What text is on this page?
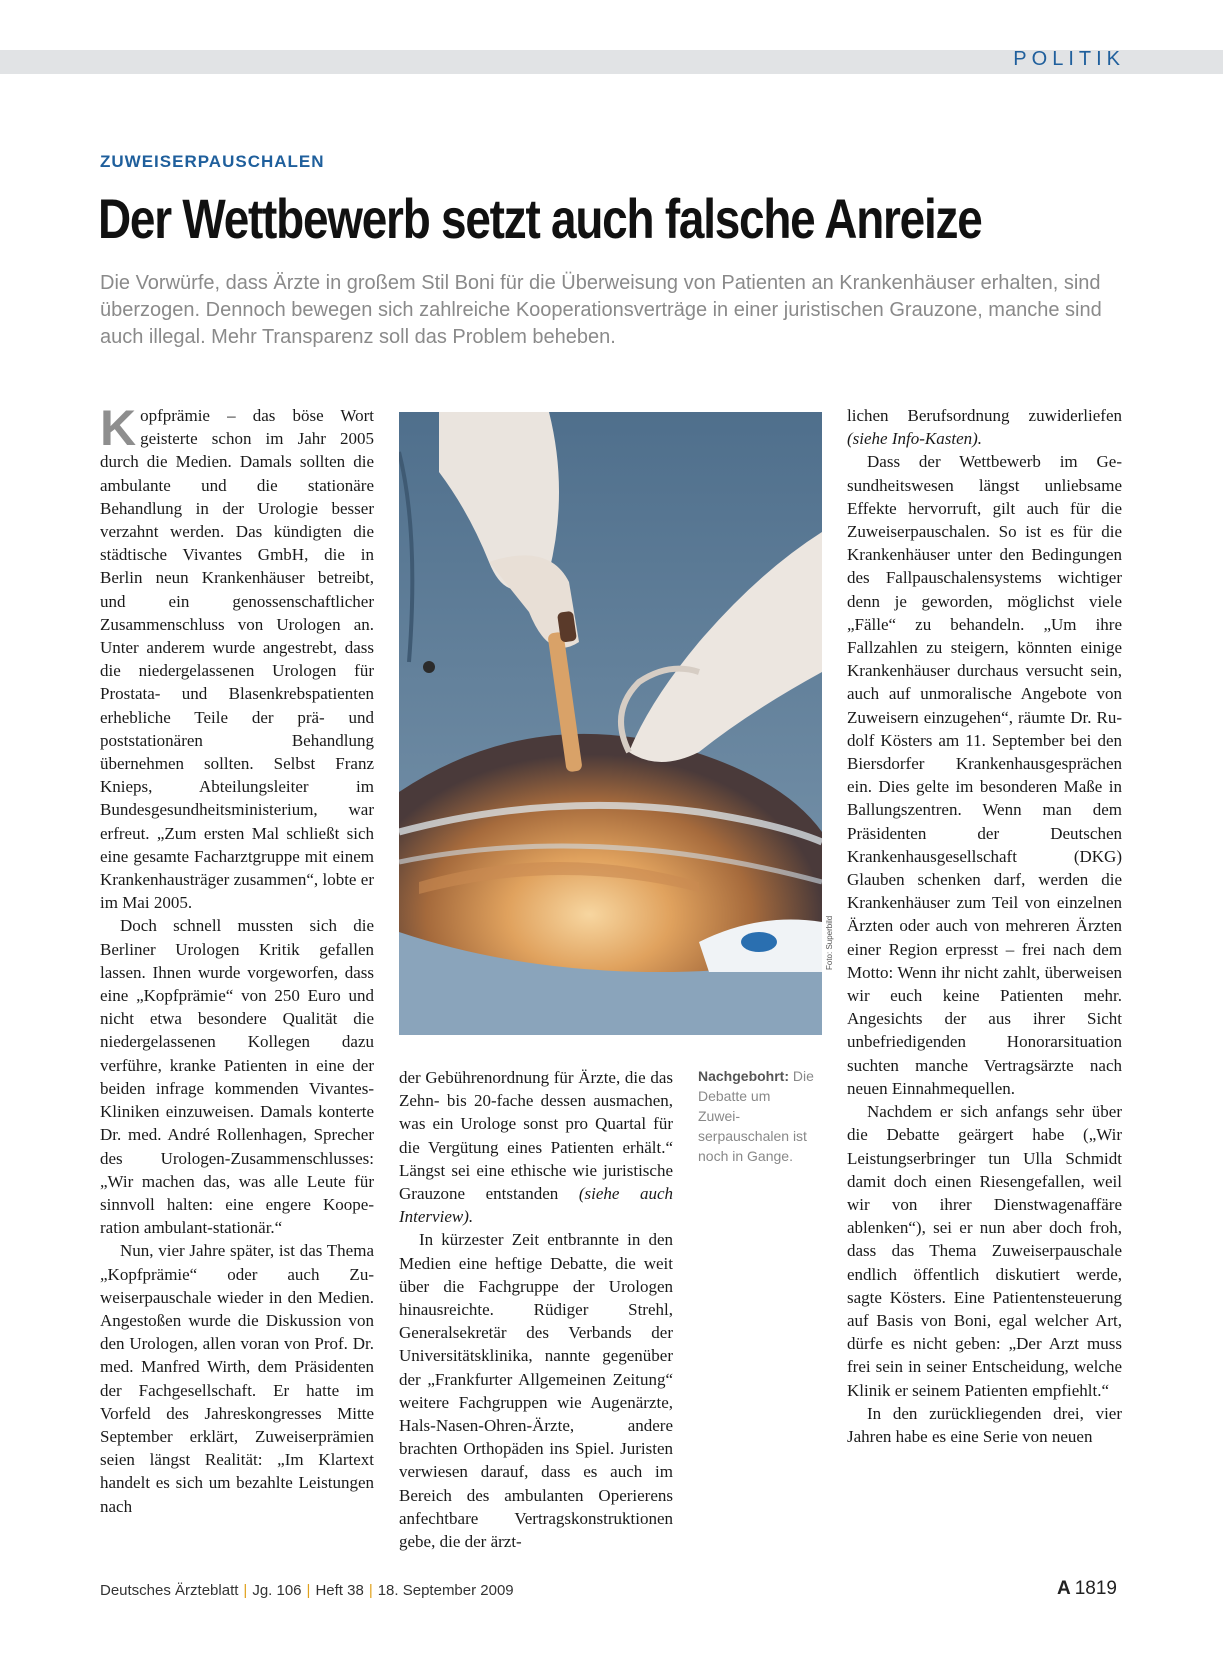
POLITIK
ZUWEISERPAUSCHALEN
Der Wettbewerb setzt auch falsche Anreize

Die Vorwürfe, dass Ärzte in großem Stil Boni für die Überweisung von Patienten an Krankenhäuser erhalten, sind überzogen. Dennoch bewegen sich zahlreiche Kooperationsverträge in einer juristischen Grauzone, manche sind auch illegal. Mehr Transparenz soll das Problem beheben.

Kopfprämie – das böse Wort geisterte schon im Jahr 2005 durch die Medien. Damals sollten die ambulante und die stationäre Behandlung in der Urologie besser verzahnt werden. Das kündigten die städtische Vivantes GmbH, die in Berlin neun Krankenhäuser betreibt, und ein genossenschaftlicher Zusammenschluss von Urologen an. Unter anderem wurde angestrebt, dass die niedergelassenen Urologen für Prostata- und Blasenkrebspatienten erhebliche Teile der prä- und poststationären Behandlung übernehmen sollten. Selbst Franz Knieps, Abteilungsleiter im Bundesgesundheitsministerium, war erfreut. „Zum ersten Mal schließt sich eine gesamte Facharztgruppe mit einem Krankenhausträger zusammen“, lobte er im Mai 2005.

Doch schnell mussten sich die Berliner Urologen Kritik gefallen lassen. Ihnen wurde vorgeworfen, dass eine „Kopfprämie“ von 250 Euro und nicht etwa besondere Qualität die niedergelassenen Kollegen dazu verführe, kranke Patienten in eine der beiden infrage kommenden Vivantes-Kliniken einzuweisen. Damals konterte Dr. med. André Rollenhagen, Sprecher des Urologen-Zusammenschlusses: „Wir machen das, was alle Leute für sinnvoll halten: eine engere Kooperation ambulant-stationär.“

Nun, vier Jahre später, ist das Thema „Kopfprämie“ oder auch Zuweiserpauschale wieder in den Medien. Angestoßen wurde die Diskussion von den Urologen, allen voran von Prof. Dr. med. Manfred Wirth, dem Präsidenten der Fachgesellschaft. Er hatte im Vorfeld des Jahreskongresses Mitte September erklärt, Zuweiserprämien seien längst Realität: „Im Klartext handelt es sich um bezahlte Leistungen nach

Foto: Superbild
Nachgebohrt: Die Debatte um Zuweiserpauschalen ist noch in Gange.

der Gebührenordnung für Ärzte, die das Zehn- bis 20-fache dessen ausmachen, was ein Urologe sonst pro Quartal für die Vergütung eines Patienten erhält.“ Längst sei eine ethische wie juristische Grauzone entstanden (siehe auch Interview).

In kürzester Zeit entbrannte in den Medien eine heftige Debatte, die weit über die Fachgruppe der Urologen hinausreichte. Rüdiger Strehl, Generalsekretär des Verbands der Universitätsklinika, nannte gegenüber der „Frankfurter Allgemeinen Zeitung“ weitere Fachgruppen wie Augenärzte, Hals-Nasen-Ohren-Ärzte, andere brachten Orthopäden ins Spiel. Juristen verwiesen darauf, dass es auch im Bereich des ambulanten Operierens anfechtbare Vertragskonstruktionen gebe, die der ärzt-

lichen Berufsordnung zuwiderliefen (siehe Info-Kasten).

Dass der Wettbewerb im Gesundheitswesen längst unliebsame Effekte hervorruft, gilt auch für die Zuweiserpauschalen. So ist es für die Krankenhäuser unter den Bedingungen des Fallpauschalensystems wichtiger denn je geworden, möglichst viele „Fälle“ zu behandeln. „Um ihre Fallzahlen zu steigern, könnten einige Krankenhäuser durchaus versucht sein, auch auf unmoralische Angebote von Zuweisern einzugehen“, räumte Dr. Rudolf Kösters am 11. September bei den Biersdorfer Krankenhausgesprächen ein. Dies gelte im besonderen Maße in Ballungszentren. Wenn man dem Präsidenten der Deutschen Krankenhausgesellschaft (DKG) Glauben schenken darf, werden die Krankenhäuser zum Teil von einzelnen Ärzten oder auch von mehreren Ärzten einer Region erpresst – frei nach dem Motto: Wenn ihr nicht zahlt, überweisen wir euch keine Patienten mehr. Angesichts der aus ihrer Sicht unbefriedigenden Honorarsituation suchten manche Vertragsärzte nach neuen Einnahmequellen.

Nachdem er sich anfangs sehr über die Debatte geärgert habe („Wir Leistungserbringer tun Ulla Schmidt damit doch einen Riesengefallen, weil wir von ihrer Dienstwagenaffäre ablenken“), sei er nun aber doch froh, dass das Thema Zuweiserpauschale endlich öffentlich diskutiert werde, sagte Kösters. Eine Patientensteuerung auf Basis von Boni, egal welcher Art, dürfe es nicht geben: „Der Arzt muss frei sein in seiner Entscheidung, welche Klinik er seinem Patienten empfiehlt.“

In den zurückliegenden drei, vier Jahren habe es eine Serie von neuen

Deutsches Ärzteblatt | Jg. 106 | Heft 38 | 18. September 2009	A 1819
